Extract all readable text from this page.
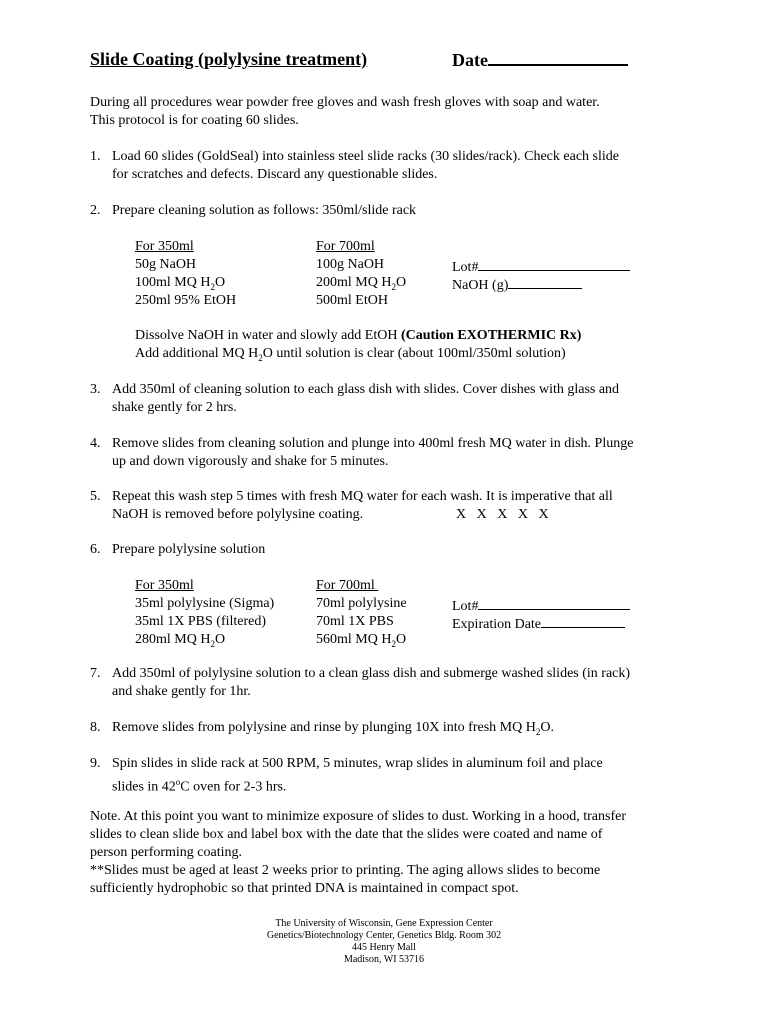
Slide Coating (polylysine treatment)	Date
During all procedures wear powder free gloves and wash fresh gloves with soap and water.
This protocol is for coating 60 slides.
1. Load 60 slides (GoldSeal) into stainless steel slide racks (30 slides/rack). Check each slide
for scratches and defects. Discard any questionable slides.
2. Prepare cleaning solution as follows: 350ml/slide rack
For 350ml
50g NaOH
100ml MQ $H_2O$
250ml 95% EtOH
For 700ml
100g NaOH
200ml MQ $H_2O$
500ml EtOH
Lot#
NaOH (g)
Dissolve NaOH in water and slowly add EtOH (Caution EXOTHERMIC Rx)
Add additional MQ $H_2O$ until solution is clear (about 100ml/350ml solution)
3. Add 350ml of cleaning solution to each glass dish with slides. Cover dishes with glass and
shake gently for 2 hrs.
4. Remove slides from cleaning solution and plunge into 400ml fresh MQ water in dish. Plunge
up and down vigorously and shake for 5 minutes.
5. Repeat this wash step 5 times with fresh MQ water for each wash. It is imperative that all
NaOH is removed before polylysine coating.	X   X   X   X   X
6. Prepare polylysine solution
For 350ml
35ml polylysine (Sigma)
35ml 1X PBS (filtered)
280ml MQ $H_2O$
For 700ml
70ml polylysine
70ml 1X PBS
560ml MQ $H_2O$
Lot#
Expiration Date
7. Add 350ml of polylysine solution to a clean glass dish and submerge washed slides (in rack)
and shake gently for 1hr.
8. Remove slides from polylysine and rinse by plunging 10X into fresh MQ $H_2O$.
9. Spin slides in slide rack at 500 RPM, 5 minutes, wrap slides in aluminum foil and place
slides in 42$^o$C oven for 2-3 hrs.
Note. At this point you want to minimize exposure of slides to dust. Working in a hood, transfer
slides to clean slide box and label box with the date that the slides were coated and name of
person performing coating.
**Slides must be aged at least 2 weeks prior to printing. The aging allows slides to become
sufficiently hydrophobic so that printed DNA is maintained in compact spot.
The University of Wisconsin, Gene Expression Center
Genetics/Biotechnology Center, Genetics Bldg. Room 302
445 Henry Mall
Madison, WI 53716
